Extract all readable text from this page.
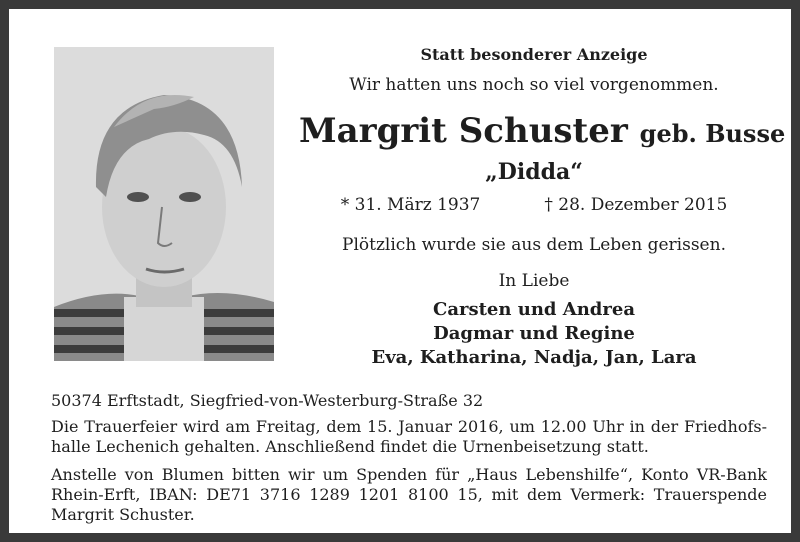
Statt besonderer Anzeige
Wir hatten uns noch so viel vorgenommen.
Margrit Schuster geb. Busse
„Didda“
* 31. März 1937	† 28. Dezember 2015
Plötzlich wurde sie aus dem Leben gerissen.
In Liebe
Carsten und Andrea
Dagmar und Regine
Eva, Katharina, Nadja, Jan, Lara
50374 Erftstadt, Siegfried-von-Westerburg-Straße 32
Die Trauerfeier wird am Freitag, dem 15. Januar 2016, um 12.00 Uhr in der Friedhofs-halle Lechenich gehalten. Anschließend findet die Urnenbeisetzung statt.
Anstelle von Blumen bitten wir um Spenden für „Haus Lebenshilfe“, Konto VR-Bank Rhein-Erft, IBAN: DE71 3716 1289 1201 8100 15, mit dem Vermerk: Trauerspende Margrit Schuster.
